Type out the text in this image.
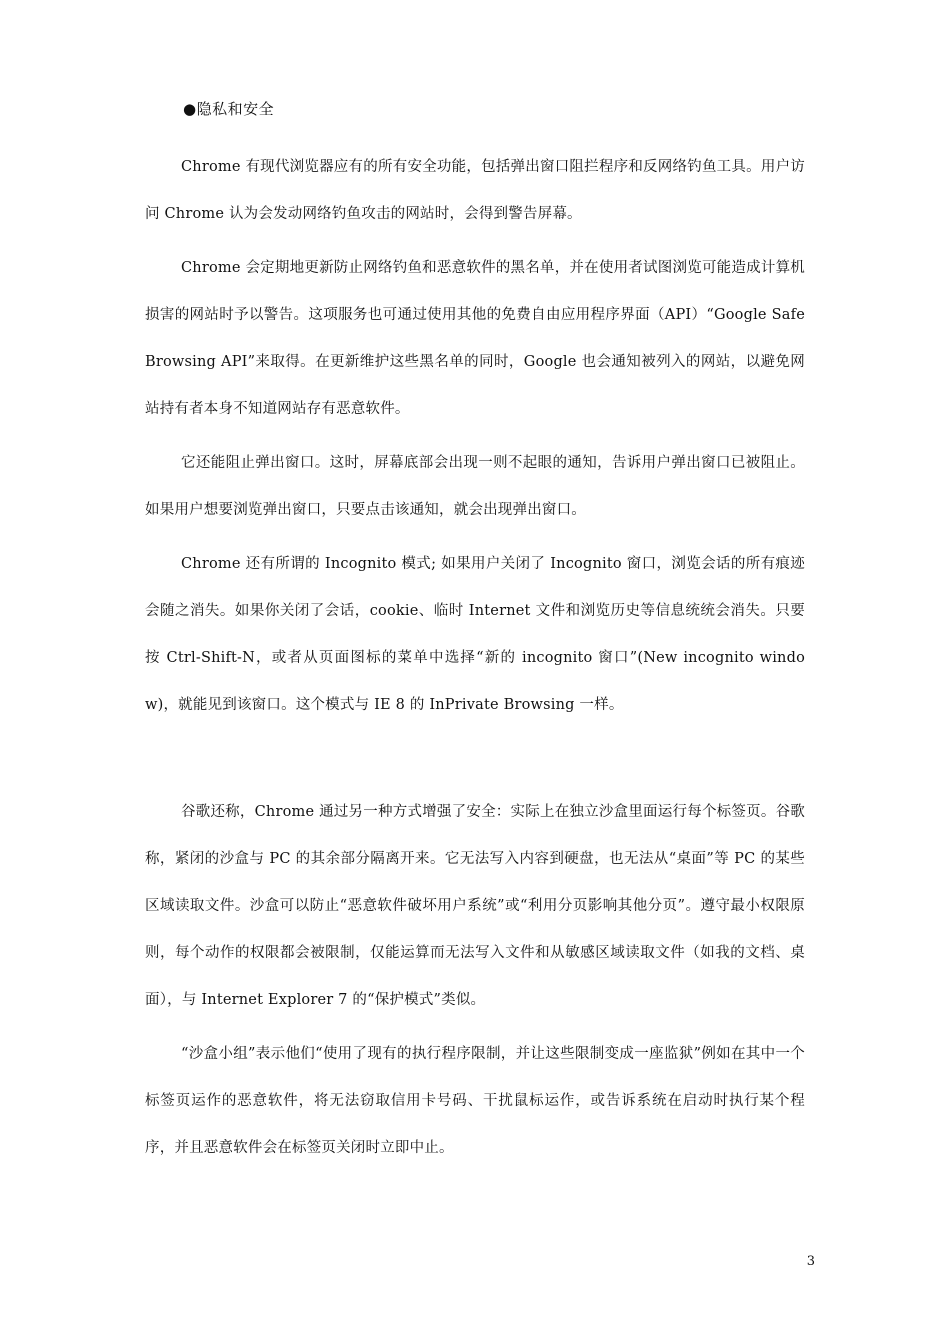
●隐私和安全

Chrome 有现代浏览器应有的所有安全功能，包括弹出窗口阻拦程序和反网络钓鱼工具。用户访问 Chrome 认为会发动网络钓鱼攻击的网站时，会得到警告屏幕。

Chrome 会定期地更新防止网络钓鱼和恶意软件的黑名单，并在使用者试图浏览可能造成计算机损害的网站时予以警告。这项服务也可通过使用其他的免费自由应用程序界面（API）“Google Safe Browsing API”来取得。在更新维护这些黑名单的同时，Google 也会通知被列入的网站，以避免网站持有者本身不知道网站存有恶意软件。

它还能阻止弹出窗口。这时，屏幕底部会出现一则不起眼的通知，告诉用户弹出窗口已被阻止。如果用户想要浏览弹出窗口，只要点击该通知，就会出现弹出窗口。

Chrome 还有所谓的 Incognito 模式; 如果用户关闭了 Incognito 窗口，浏览会话的所有痕迹会随之消失。如果你关闭了会话，cookie、临时 Internet 文件和浏览历史等信息统统会消失。只要按 Ctrl-Shift-N，或者从页面图标的菜单中选择“新的 incognito 窗口”(New incognito window)，就能见到该窗口。这个模式与 IE 8 的 InPrivate Browsing 一样。

谷歌还称，Chrome 通过另一种方式增强了安全：实际上在独立沙盒里面运行每个标签页。谷歌称，紧闭的沙盒与 PC 的其余部分隔离开来。它无法写入内容到硬盘，也无法从“桌面”等 PC 的某些区域读取文件。沙盒可以防止“恶意软件破坏用户系统”或“利用分页影响其他分页”。遵守最小权限原则，每个动作的权限都会被限制，仅能运算而无法写入文件和从敏感区域读取文件（如我的文档、桌面），与 Internet Explorer 7 的“保护模式”类似。

“沙盒小组”表示他们“使用了现有的执行程序限制，并让这些限制变成一座监狱”例如在其中一个标签页运作的恶意软件，将无法窃取信用卡号码、干扰鼠标运作，或告诉系统在启动时执行某个程序，并且恶意软件会在标签页关闭时立即中止。

3
